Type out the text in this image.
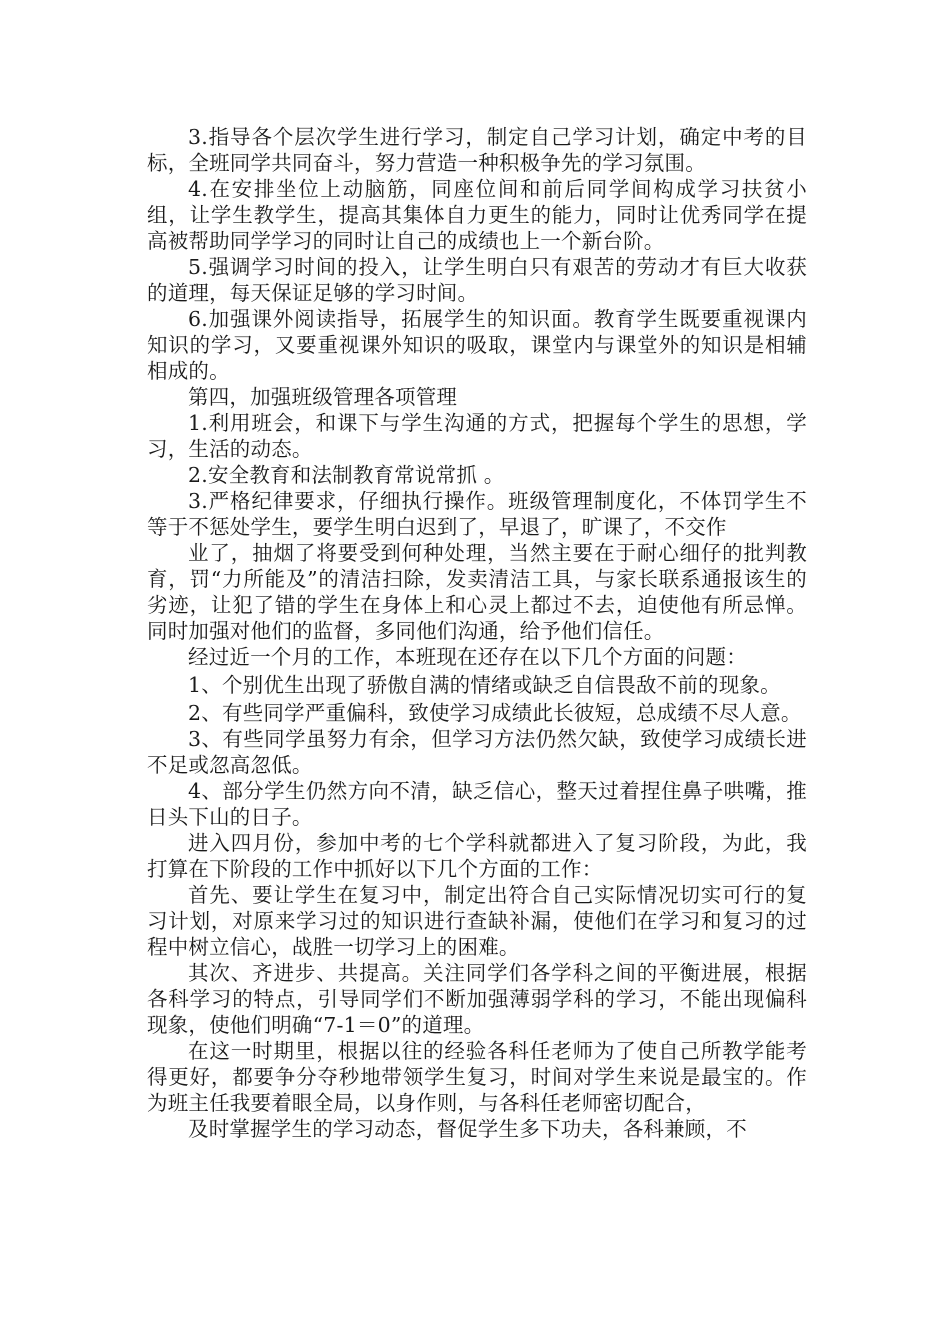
3.指导各个层次学生进行学习，制定自己学习计划，确定中考的目标，全班同学共同奋斗，努力营造一种积极争先的学习氛围。

4.在安排坐位上动脑筋，同座位间和前后同学间构成学习扶贫小组，让学生教学生，提高其集体自力更生的能力，同时让优秀同学在提高被帮助同学学习的同时让自己的成绩也上一个新台阶。

5.强调学习时间的投入，让学生明白只有艰苦的劳动才有巨大收获的道理，每天保证足够的学习时间。

6.加强课外阅读指导，拓展学生的知识面。教育学生既要重视课内知识的学习，又要重视课外知识的吸取，课堂内与课堂外的知识是相辅相成的。

第四，加强班级管理各项管理

1.利用班会，和课下与学生沟通的方式，把握每个学生的思想，学习，生活的动态。

2.安全教育和法制教育常说常抓 。

3.严格纪律要求，仔细执行操作。班级管理制度化，不体罚学生不等于不惩处学生，要学生明白迟到了，早退了，旷课了，不交作

业了，抽烟了将要受到何种处理，当然主要在于耐心细仔的批判教育，罚“力所能及”的清洁扫除，发卖清洁工具，与家长联系通报该生的劣迹，让犯了错的学生在身体上和心灵上都过不去，迫使他有所忌惮。同时加强对他们的监督，多同他们沟通，给予他们信任。

经过近一个月的工作，本班现在还存在以下几个方面的问题：

1、个别优生出现了骄傲自满的情绪或缺乏自信畏敌不前的现象。

2、有些同学严重偏科，致使学习成绩此长彼短，总成绩不尽人意。

3、有些同学虽努力有余，但学习方法仍然欠缺，致使学习成绩长进不足或忽高忽低。

4、部分学生仍然方向不清，缺乏信心，整天过着捏住鼻子哄嘴，推日头下山的日子。

进入四月份，参加中考的七个学科就都进入了复习阶段，为此，我打算在下阶段的工作中抓好以下几个方面的工作：

首先、要让学生在复习中，制定出符合自己实际情况切实可行的复习计划，对原来学习过的知识进行查缺补漏，使他们在学习和复习的过程中树立信心，战胜一切学习上的困难。

其次、齐进步、共提高。关注同学们各学科之间的平衡进展，根据各科学习的特点，引导同学们不断加强薄弱学科的学习，不能出现偏科现象，使他们明确“7-1＝0”的道理。

在这一时期里，根据以往的经验各科任老师为了使自己所教学能考得更好，都要争分夺秒地带领学生复习，时间对学生来说是最宝的。作为班主任我要着眼全局，以身作则，与各科任老师密切配合，

及时掌握学生的学习动态，督促学生多下功夫，各科兼顾，不
